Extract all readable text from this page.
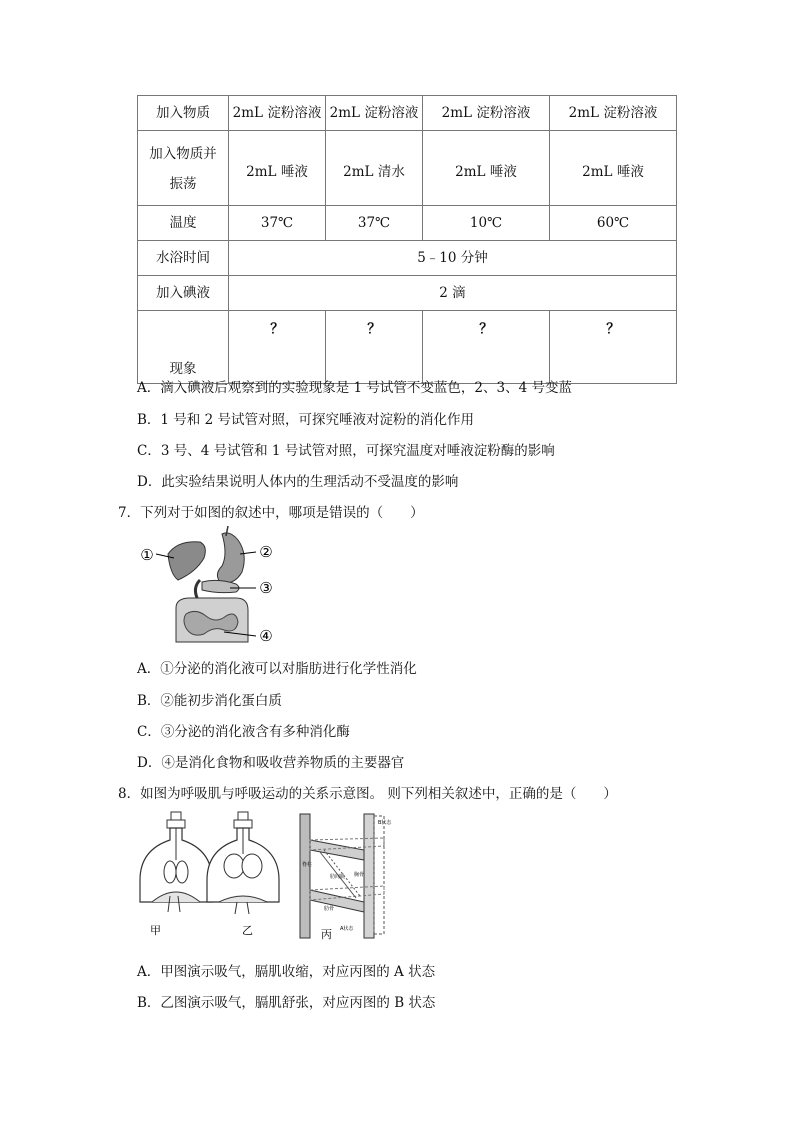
加入物质	2mL 淀粉溶液	2mL 淀粉溶液	2mL 淀粉溶液	2mL 淀粉溶液
加入物质并振荡	2mL 唾液	2mL 清水	2mL 唾液	2mL 唾液
温度	37℃	37℃	10℃	60℃
水浴时间	5﹣10 分钟			
加入碘液	2 滴			
现象	？	？	？	？
A．滴入碘液后观察到的实验现象是 1 号试管不变蓝色，2、3、4 号变蓝
B．1 号和 2 号试管对照，可探究唾液对淀粉的消化作用
C．3 号、4 号试管和 1 号试管对照，可探究温度对唾液淀粉酶的影响
D．此实验结果说明人体内的生理活动不受温度的影响
7．下列对于如图的叙述中，哪项是错误的（　　）
①	②
③
④
A．①分泌的消化液可以对脂肪进行化学性消化
B．②能初步消化蛋白质
C．③分泌的消化液含有多种消化酶
D．④是消化食物和吸收营养物质的主要器官
8．如图为呼吸肌与呼吸运动的关系示意图。 则下列相关叙述中，正确的是（　　）
B状态
A状态
胸骨
肋间肌
肋骨
脊柱
甲	乙	丙
A．甲图演示吸气，膈肌收缩，对应丙图的 A 状态
B．乙图演示吸气，膈肌舒张，对应丙图的 B 状态
